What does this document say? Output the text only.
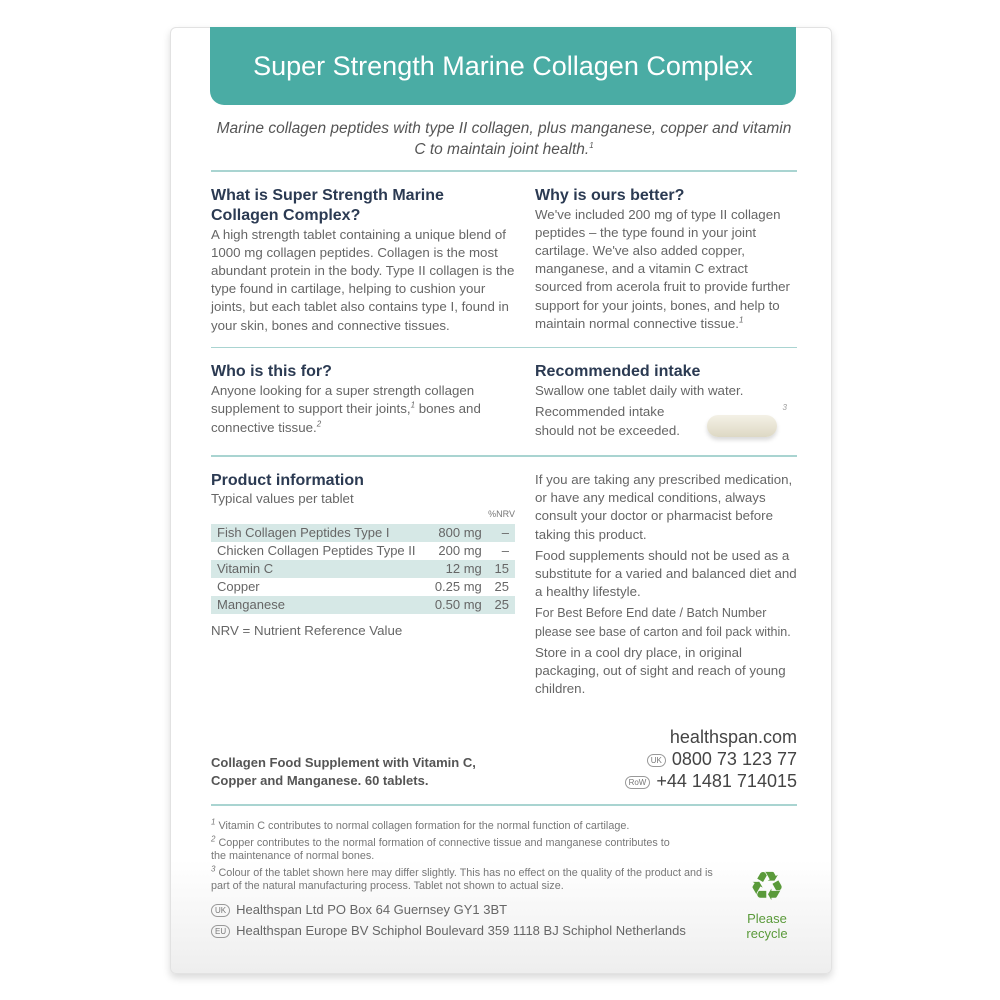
Super Strength Marine Collagen Complex
Marine collagen peptides with type II collagen, plus manganese, copper and vitamin C to maintain joint health.$^1$
What is Super Strength Marine Collagen Complex?

A high strength tablet containing a unique blend of 1000 mg collagen peptides. Collagen is the most abundant protein in the body. Type II collagen is the type found in cartilage, helping to cushion your joints, but each tablet also contains type I, found in your skin, bones and connective tissues.

Why is ours better?

We've included 200 mg of type II collagen peptides – the type found in your joint cartilage. We've also added copper, manganese, and a vitamin C extract sourced from acerola fruit to provide further support for your joints, bones, and help to maintain normal connective tissue.$^1$

Who is this for?

Anyone looking for a super strength collagen supplement to support their joints,$^1$ bones and connective tissue.$^2$

Recommended intake

Swallow one tablet daily with water.

Recommended intake should not be exceeded.

3
Product information

Typical values per tablet

%NRV
Fish Collagen Peptides Type I	800 mg	–
Chicken Collagen Peptides Type II	200 mg	–
Vitamin C	12 mg	15
Copper	0.25 mg	25
Manganese	0.50 mg	25

NRV = Nutrient Reference Value

If you are taking any prescribed medication, or have any medical conditions, always consult your doctor or pharmacist before taking this product.

Food supplements should not be used as a substitute for a varied and balanced diet and a healthy lifestyle.

For Best Before End date / Batch Number please see base of carton and foil pack within.

Store in a cool dry place, in original packaging, out of sight and reach of young children.

Collagen Food Supplement with Vitamin C, Copper and Manganese. 60 tablets.
healthspan.com
UK 0800 73 123 77
RoW +44 1481 714015
$^1$ Vitamin C contributes to normal collagen formation for the normal function of cartilage.
$^2$ Copper contributes to the normal formation of connective tissue and manganese contributes to the maintenance of normal bones.
$^3$ Colour of the tablet shown here may differ slightly. This has no effect on the quality of the product and is part of the natural manufacturing process. Tablet not shown to actual size.
UK Healthspan Ltd PO Box 64 Guernsey GY1 3BT
EU Healthspan Europe BV Schiphol Boulevard 359 1118 BJ Schiphol Netherlands
♻
Please recycle
